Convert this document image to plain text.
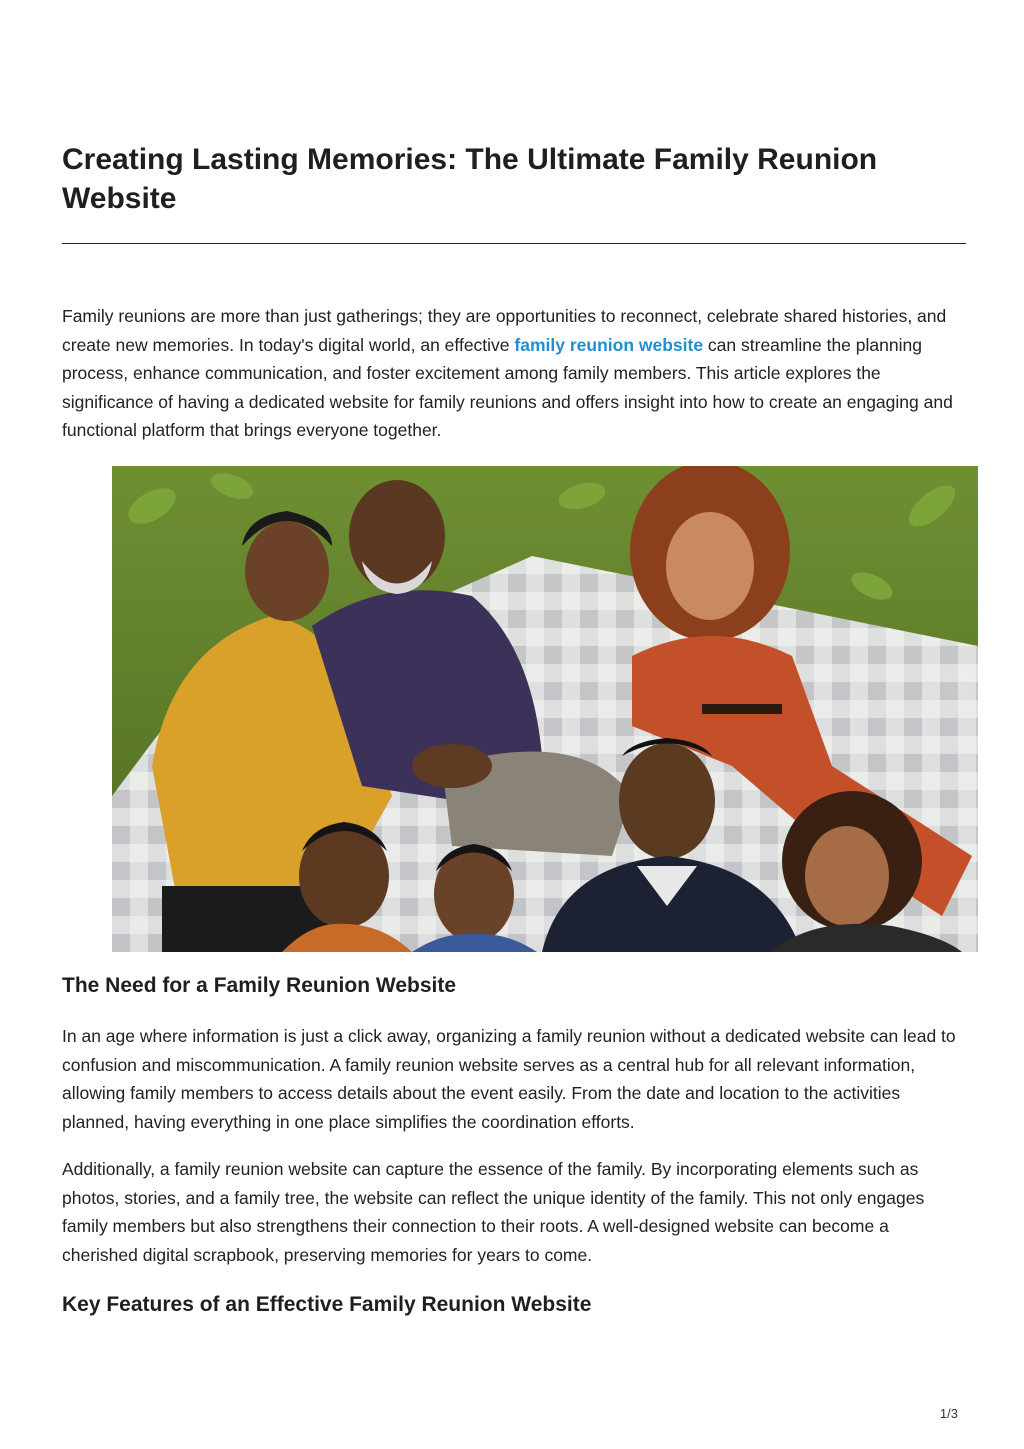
Creating Lasting Memories: The Ultimate Family Reunion Website

Family reunions are more than just gatherings; they are opportunities to reconnect, celebrate shared histories, and create new memories. In today's digital world, an effective family reunion website can streamline the planning process, enhance communication, and foster excitement among family members. This article explores the significance of having a dedicated website for family reunions and offers insight into how to create an engaging and functional platform that brings everyone together.

The Need for a Family Reunion Website

In an age where information is just a click away, organizing a family reunion without a dedicated website can lead to confusion and miscommunication. A family reunion website serves as a central hub for all relevant information, allowing family members to access details about the event easily. From the date and location to the activities planned, having everything in one place simplifies the coordination efforts.

Additionally, a family reunion website can capture the essence of the family. By incorporating elements such as photos, stories, and a family tree, the website can reflect the unique identity of the family. This not only engages family members but also strengthens their connection to their roots. A well-designed website can become a cherished digital scrapbook, preserving memories for years to come.

Key Features of an Effective Family Reunion Website
1/3
